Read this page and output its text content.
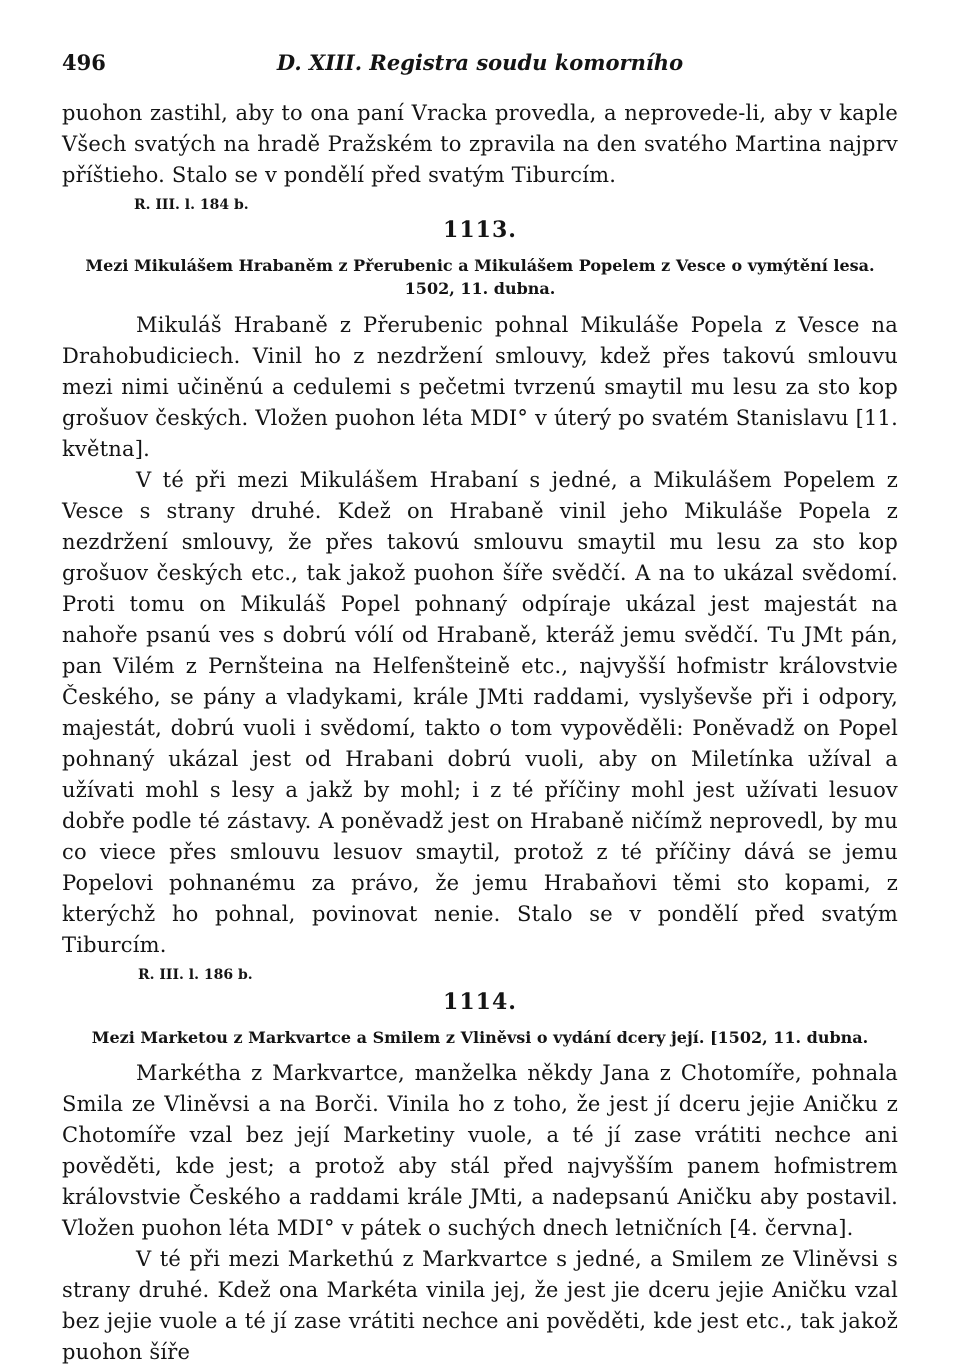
496	D. XIII. Registra soudu komorního

puohon zastihl, aby to ona paní Vracka provedla, a neprovede-li, aby v kaple Všech svatých na hradě Pražském to zpravila na den svatého Martina najprv příštieho. Stalo se v pondělí před svatým Tiburcím.

R. III. l. 184 b.
1113.
Mezi Mikulášem Hrabaněm z Přerubenic a Mikulášem Popelem z Vesce o vymýtění lesa.
1502, 11. dubna.

Mikuláš Hrabaně z Přerubenic pohnal Mikuláše Popela z Vesce na Drahobudiciech. Vinil ho z nezdržení smlouvy, kdež přes takovú smlouvu mezi nimi učiněnú a cedulemi s pečetmi tvrzenú smaytil mu lesu za sto kop grošuov českých. Vložen puohon léta MDI° v úterý po svatém Stanislavu [11. května].

V té při mezi Mikulášem Hrabaní s jedné, a Mikulášem Popelem z Vesce s strany druhé. Kdež on Hrabaně vinil jeho Mikuláše Popela z nezdržení smlouvy, že přes takovú smlouvu smaytil mu lesu za sto kop grošuov českých etc., tak jakož puohon šíře svědčí. A na to ukázal svědomí. Proti tomu on Mikuláš Popel pohnaný odpíraje ukázal jest majestát na nahoře psanú ves s dobrú vólí od Hrabaně, kteráž jemu svědčí. Tu JMt pán, pan Vilém z Pernšteina na Helfenšteině etc., najvyšší hofmistr královstvie Českého, se pány a vladykami, krále JMti raddami, vyslyševše při i odpory, majestát, dobrú vuoli i svědomí, takto o tom vypověděli: Poněvadž on Popel pohnaný ukázal jest od Hrabani dobrú vuoli, aby on Miletínka užíval a užívati mohl s lesy a jakž by mohl; i z té příčiny mohl jest užívati lesuov dobře podle té zástavy. A poněvadž jest on Hrabaně ničímž neprovedl, by mu co viece přes smlouvu lesuov smaytil, protož z té příčiny dává se jemu Popelovi pohnanému za právo, že jemu Hrabaňovi těmi sto kopami, z kterýchž ho pohnal, povinovat nenie. Stalo se v pondělí před svatým Tiburcím.

R. III. l. 186 b.
1114.
Mezi Marketou z Markvartce a Smilem z Vliněvsi o vydání dcery její. [1502, 11. dubna.

Markétha z Markvartce, manželka někdy Jana z Chotomíře, pohnala Smila ze Vliněvsi a na Borči. Vinila ho z toho, že jest jí dceru jejie Aničku z Chotomíře vzal bez její Marketiny vuole, a té jí zase vrátiti nechce ani pověděti, kde jest; a protož aby stál před najvyšším panem hofmistrem královstvie Českého a raddami krále JMti, a nadepsanú Aničku aby postavil. Vložen puohon léta MDI° v pátek o suchých dnech letničních [4. června].

V té při mezi Markethú z Markvartce s jedné, a Smilem ze Vliněvsi s strany druhé. Kdež ona Markéta vinila jej, že jest jie dceru jejie Aničku vzal bez jejie vuole a té jí zase vrátiti nechce ani pověděti, kde jest etc., tak jakož puohon šíře
